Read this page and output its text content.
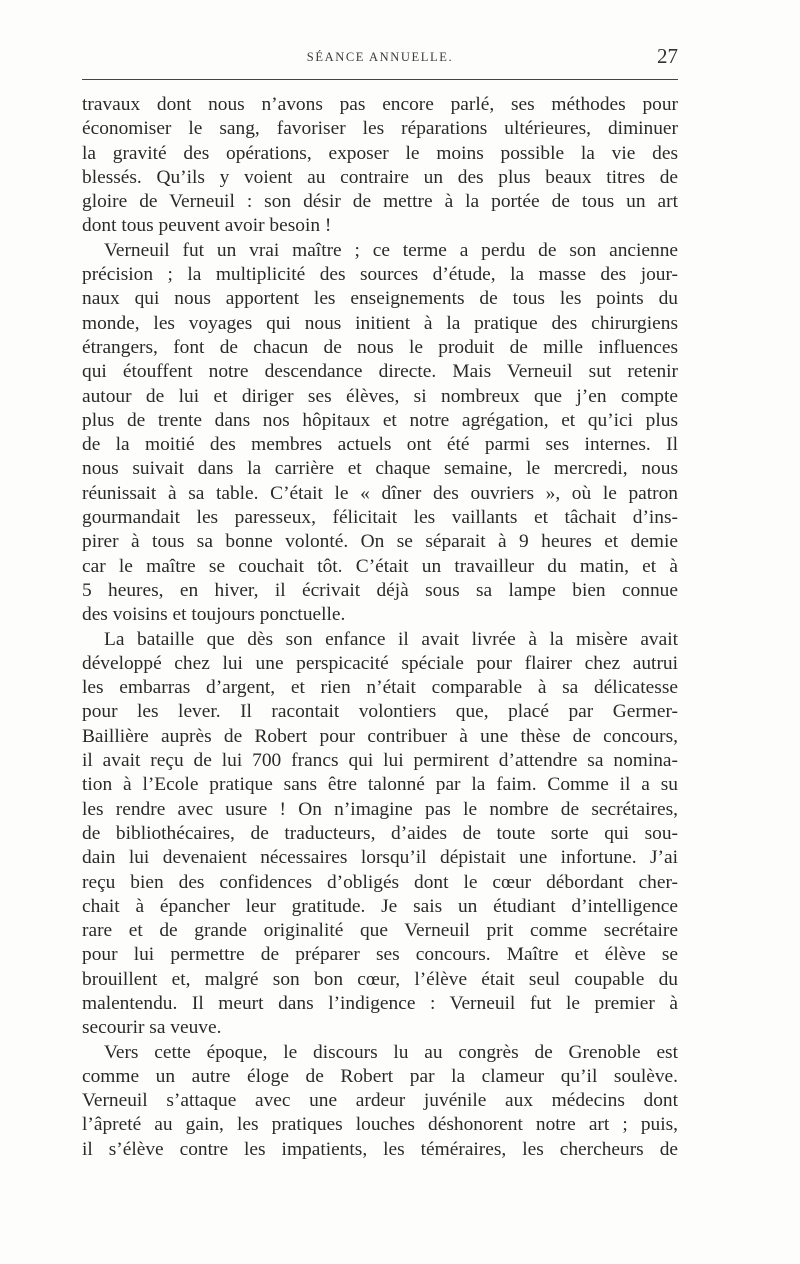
SÉANCE ANNUELLE.	27
travaux dont nous n’avons pas encore parlé, ses méthodes pour
économiser le sang, favoriser les réparations ultérieures, diminuer
la gravité des opérations, exposer le moins possible la vie des
blessés. Qu’ils y voient au contraire un des plus beaux titres de
gloire de Verneuil : son désir de mettre à la portée de tous un art
dont tous peuvent avoir besoin !
Verneuil fut un vrai maître ; ce terme a perdu de son ancienne
précision ; la multiplicité des sources d’étude, la masse des jour-
naux qui nous apportent les enseignements de tous les points du
monde, les voyages qui nous initient à la pratique des chirurgiens
étrangers, font de chacun de nous le produit de mille influences
qui étouffent notre descendance directe. Mais Verneuil sut retenir
autour de lui et diriger ses élèves, si nombreux que j’en compte
plus de trente dans nos hôpitaux et notre agrégation, et qu’ici plus
de la moitié des membres actuels ont été parmi ses internes. Il
nous suivait dans la carrière et chaque semaine, le mercredi, nous
réunissait à sa table. C’était le « dîner des ouvriers », où le patron
gourmandait les paresseux, félicitait les vaillants et tâchait d’ins-
pirer à tous sa bonne volonté. On se séparait à 9 heures et demie
car le maître se couchait tôt. C’était un travailleur du matin, et à
5 heures, en hiver, il écrivait déjà sous sa lampe bien connue
des voisins et toujours ponctuelle.
La bataille que dès son enfance il avait livrée à la misère avait
développé chez lui une perspicacité spéciale pour flairer chez autrui
les embarras d’argent, et rien n’était comparable à sa délicatesse
pour les lever. Il racontait volontiers que, placé par Germer-
Baillière auprès de Robert pour contribuer à une thèse de concours,
il avait reçu de lui 700 francs qui lui permirent d’attendre sa nomina-
tion à l’Ecole pratique sans être talonné par la faim. Comme il a su
les rendre avec usure ! On n’imagine pas le nombre de secrétaires,
de bibliothécaires, de traducteurs, d’aides de toute sorte qui sou-
dain lui devenaient nécessaires lorsqu’il dépistait une infortune. J’ai
reçu bien des confidences d’obligés dont le cœur débordant cher-
chait à épancher leur gratitude. Je sais un étudiant d’intelligence
rare et de grande originalité que Verneuil prit comme secrétaire
pour lui permettre de préparer ses concours. Maître et élève se
brouillent et, malgré son bon cœur, l’élève était seul coupable du
malentendu. Il meurt dans l’indigence : Verneuil fut le premier à
secourir sa veuve.
Vers cette époque, le discours lu au congrès de Grenoble est
comme un autre éloge de Robert par la clameur qu’il soulève.
Verneuil s’attaque avec une ardeur juvénile aux médecins dont
l’âpreté au gain, les pratiques louches déshonorent notre art ; puis,
il s’élève contre les impatients, les téméraires, les chercheurs de
